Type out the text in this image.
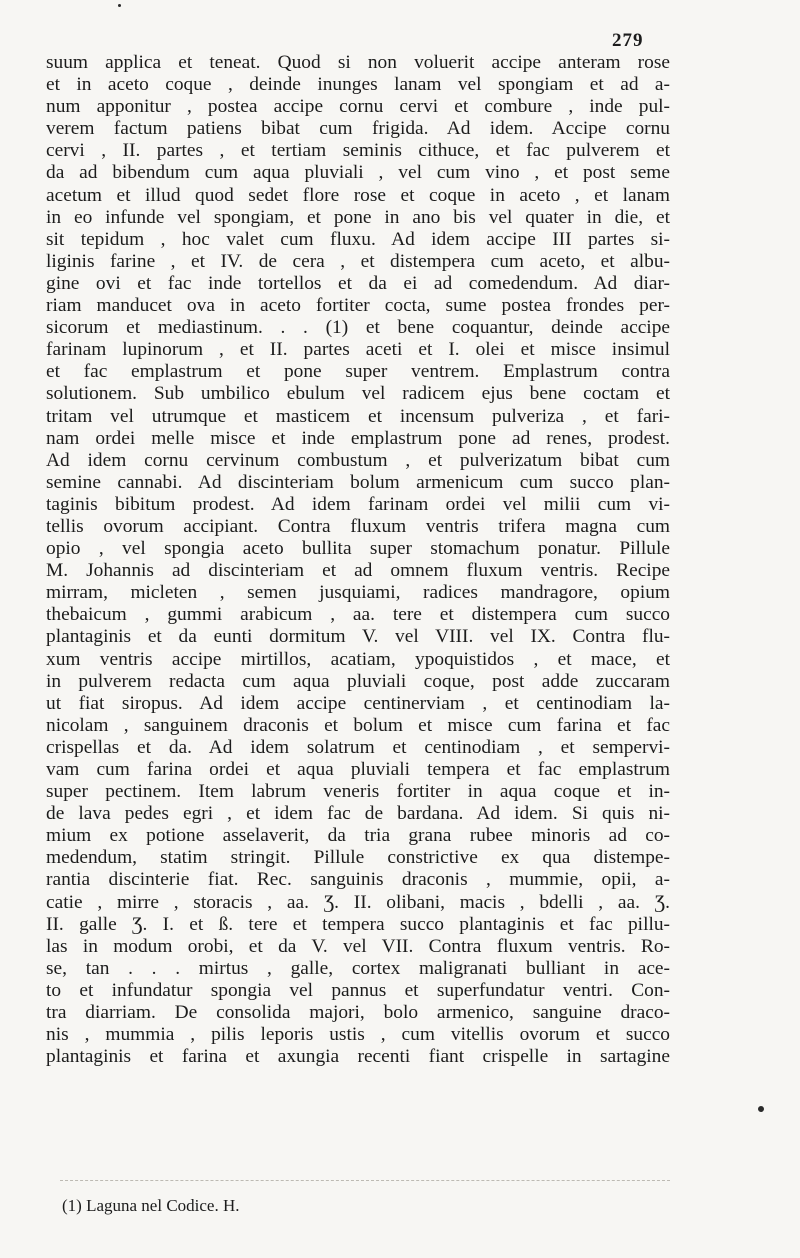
279
suum applica et teneat. Quod si non voluerit accipe anteram rose
et in aceto coque , deinde inunges lanam vel spongiam et ad a-
num apponitur , postea accipe cornu cervi et combure , inde pul-
verem factum patiens bibat cum frigida. Ad idem. Accipe cornu
cervi , II. partes , et tertiam seminis cithuce, et fac pulverem et
da ad bibendum cum aqua pluviali , vel cum vino , et post seme
acetum et illud quod sedet flore rose et coque in aceto , et lanam
in eo infunde vel spongiam, et pone in ano bis vel quater in die, et
sit tepidum , hoc valet cum fluxu. Ad idem accipe III partes si-
liginis farine , et IV. de cera , et distempera cum aceto, et albu-
gine ovi et fac inde tortellos et da ei ad comedendum. Ad diar-
riam manducet ova in aceto fortiter cocta, sume postea frondes per-
sicorum et mediastinum. . . (1) et bene coquantur, deinde accipe
farinam lupinorum , et II. partes aceti et I. olei et misce insimul
et fac emplastrum et pone super ventrem. Emplastrum contra
solutionem. Sub umbilico ebulum vel radicem ejus bene coctam et
tritam vel utrumque et masticem et incensum pulveriza , et fari-
nam ordei melle misce et inde emplastrum pone ad renes, prodest.
Ad idem cornu cervinum combustum , et pulverizatum bibat cum
semine cannabi. Ad discinteriam bolum armenicum cum succo plan-
taginis bibitum prodest. Ad idem farinam ordei vel milii cum vi-
tellis ovorum accipiant. Contra fluxum ventris trifera magna cum
opio , vel spongia aceto bullita super stomachum ponatur. Pillule
M. Johannis ad discinteriam et ad omnem fluxum ventris. Recipe
mirram, micleten , semen jusquiami, radices mandragore, opium
thebaicum , gummi arabicum , aa. tere et distempera cum succo
plantaginis et da eunti dormitum V. vel VIII. vel IX. Contra flu-
xum ventris accipe mirtillos, acatiam, ypoquistidos , et mace, et
in pulverem redacta cum aqua pluviali coque, post adde zuccaram
ut fiat siropus. Ad idem accipe centinerviam , et centinodiam la-
nicolam , sanguinem draconis et bolum et misce cum farina et fac
crispellas et da. Ad idem solatrum et centinodiam , et sempervi-
vam cum farina ordei et aqua pluviali tempera et fac emplastrum
super pectinem. Item labrum veneris fortiter in aqua coque et in-
de lava pedes egri , et idem fac de bardana. Ad idem. Si quis ni-
mium ex potione asselaverit, da tria grana rubee minoris ad co-
medendum, statim stringit. Pillule constrictive ex qua distempe-
rantia discinterie fiat. Rec. sanguinis draconis , mummie, opii, a-
catie , mirre , storacis , aa. Ʒ. II. olibani, macis , bdelli , aa. Ʒ.
II. galle Ʒ. I. et ß. tere et tempera succo plantaginis et fac pillu-
las in modum orobi, et da V. vel VII. Contra fluxum ventris. Ro-
se, tan . . . mirtus , galle, cortex maligranati bulliant in ace-
to et infundatur spongia vel pannus et superfundatur ventri. Con-
tra diarriam. De consolida majori, bolo armenico, sanguine draco-
nis , mummia , pilis leporis ustis , cum vitellis ovorum et succo
plantaginis et farina et axungia recenti fiant crispelle in sartagine
(1) Laguna nel Codice. H.
